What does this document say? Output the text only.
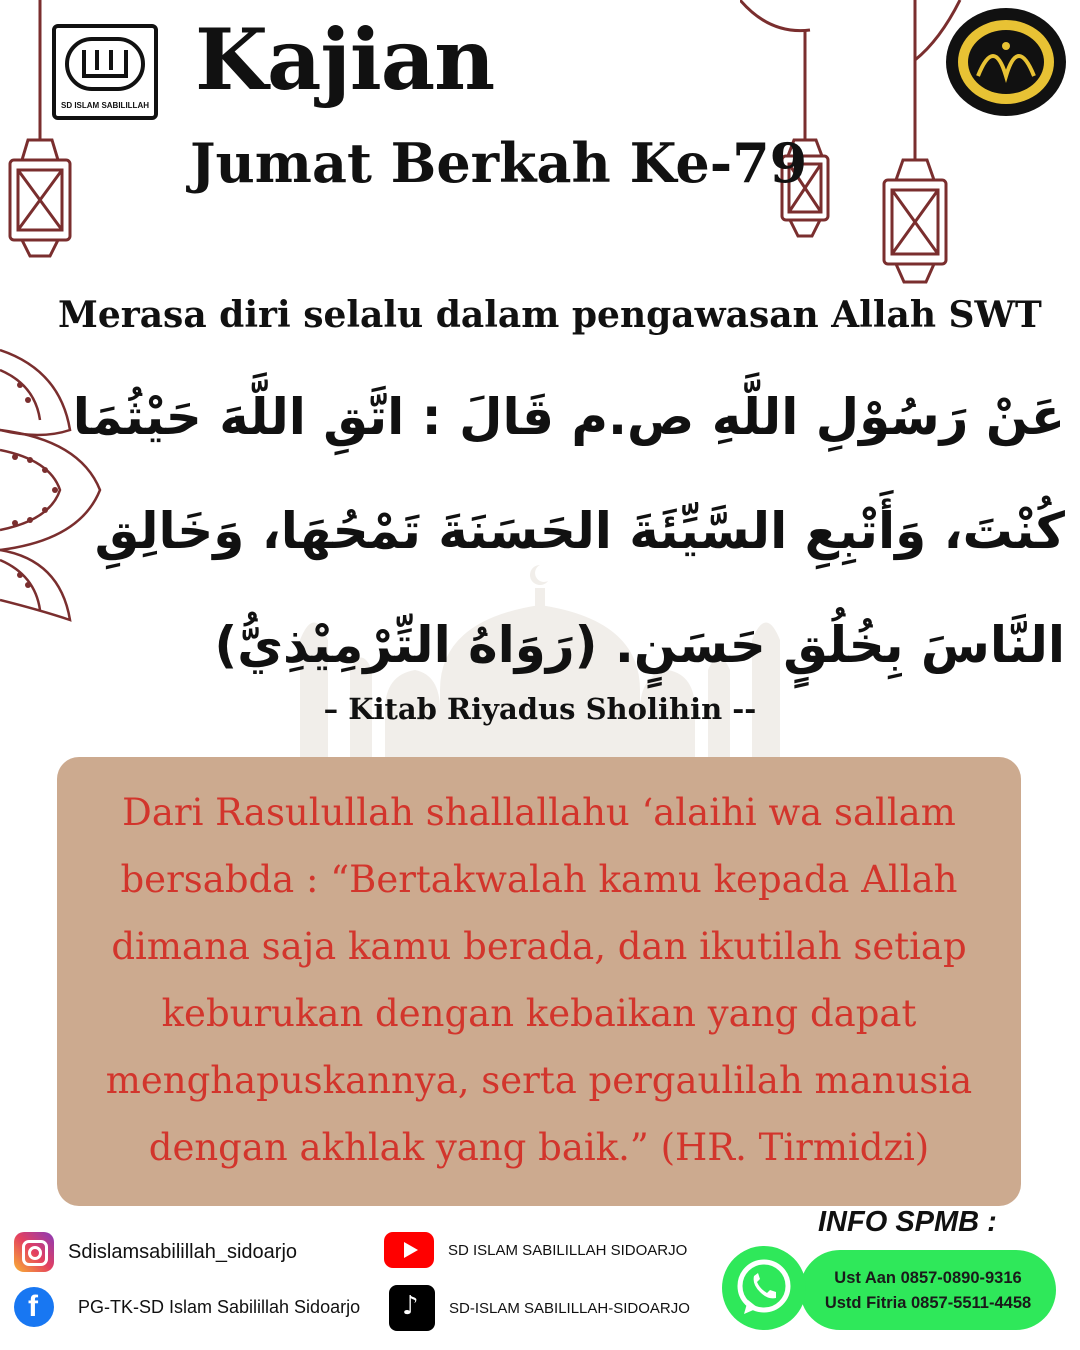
SD ISLAM SABILILLAH Kajian
Jumat Berkah Ke-79
Merasa diri selalu dalam pengawasan Allah SWT
عَنْ رَسُوْلِ اللَّهِ ص.م قَالَ : اتَّقِ اللَّهَ حَيْثُمَا كُنْتَ، وَأَتْبِعِ السَّيِّئَةَ الحَسَنَةَ تَمْحُهَا، وَخَالِقِ النَّاسَ بِخُلُقٍ حَسَنٍ. (رَوَاهُ التِّرْمِيْذِيُّ)
– Kitab Riyadus Sholihin --
Dari Rasulullah shallallahu ‘alaihi wa sallam bersabda : “Bertakwalah kamu kepada Allah dimana saja kamu berada, dan ikutilah setiap keburukan dengan kebaikan yang dapat menghapuskannya, serta pergaulilah manusia dengan akhlak yang baik.” (HR. Tirmidzi)
Sdislamsabilillah_sidoarjo
f	PG-TK-SD Islam Sabilillah Sidoarjo
SD ISLAM SABILILLAH SIDOARJO
♪ SD-ISLAM SABILILLAH-SIDOARJO
INFO SPMB :
Ust Aan 0857-0890-9316
Ustd Fitria 0857-5511-4458
